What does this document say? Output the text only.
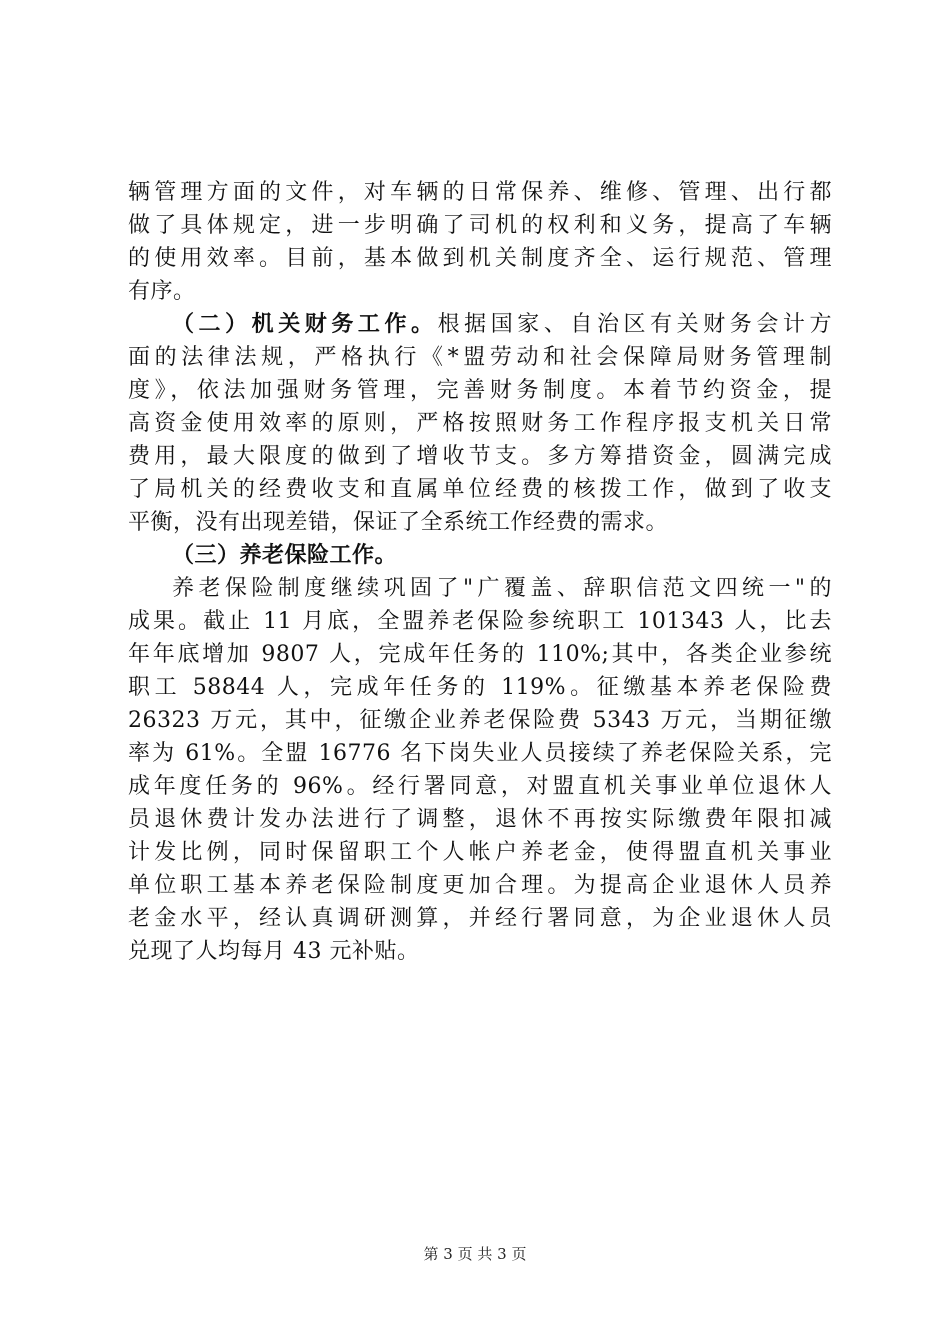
辆管理方面的文件，对车辆的日常保养、维修、管理、出行都
做了具体规定，进一步明确了司机的权利和义务，提高了车辆
的使用效率。目前，基本做到机关制度齐全、运行规范、管理
有序。
（二）机关财务工作。根据国家、自治区有关财务会计方
面的法律法规，严格执行《*盟劳动和社会保障局财务管理制
度》，依法加强财务管理，完善财务制度。本着节约资金，提
高资金使用效率的原则，严格按照财务工作程序报支机关日常
费用，最大限度的做到了增收节支。多方筹措资金，圆满完成
了局机关的经费收支和直属单位经费的核拨工作，做到了收支
平衡，没有出现差错，保证了全系统工作经费的需求。
（三）养老保险工作。
养老保险制度继续巩固了"广覆盖、辞职信范文四统一"的
成果。截止 11 月底，全盟养老保险参统职工 101343 人，比去
年年底增加 9807 人，完成年任务的 110%;其中，各类企业参统
职工 58844 人，完成年任务的 119%。征缴基本养老保险费
26323 万元，其中，征缴企业养老保险费 5343 万元，当期征缴
率为 61%。全盟 16776 名下岗失业人员接续了养老保险关系，完
成年度任务的 96%。经行署同意，对盟直机关事业单位退休人
员退休费计发办法进行了调整，退休不再按实际缴费年限扣减
计发比例，同时保留职工个人帐户养老金，使得盟直机关事业
单位职工基本养老保险制度更加合理。为提高企业退休人员养
老金水平，经认真调研测算，并经行署同意，为企业退休人员
兑现了人均每月 43 元补贴。
第 3 页 共 3 页
